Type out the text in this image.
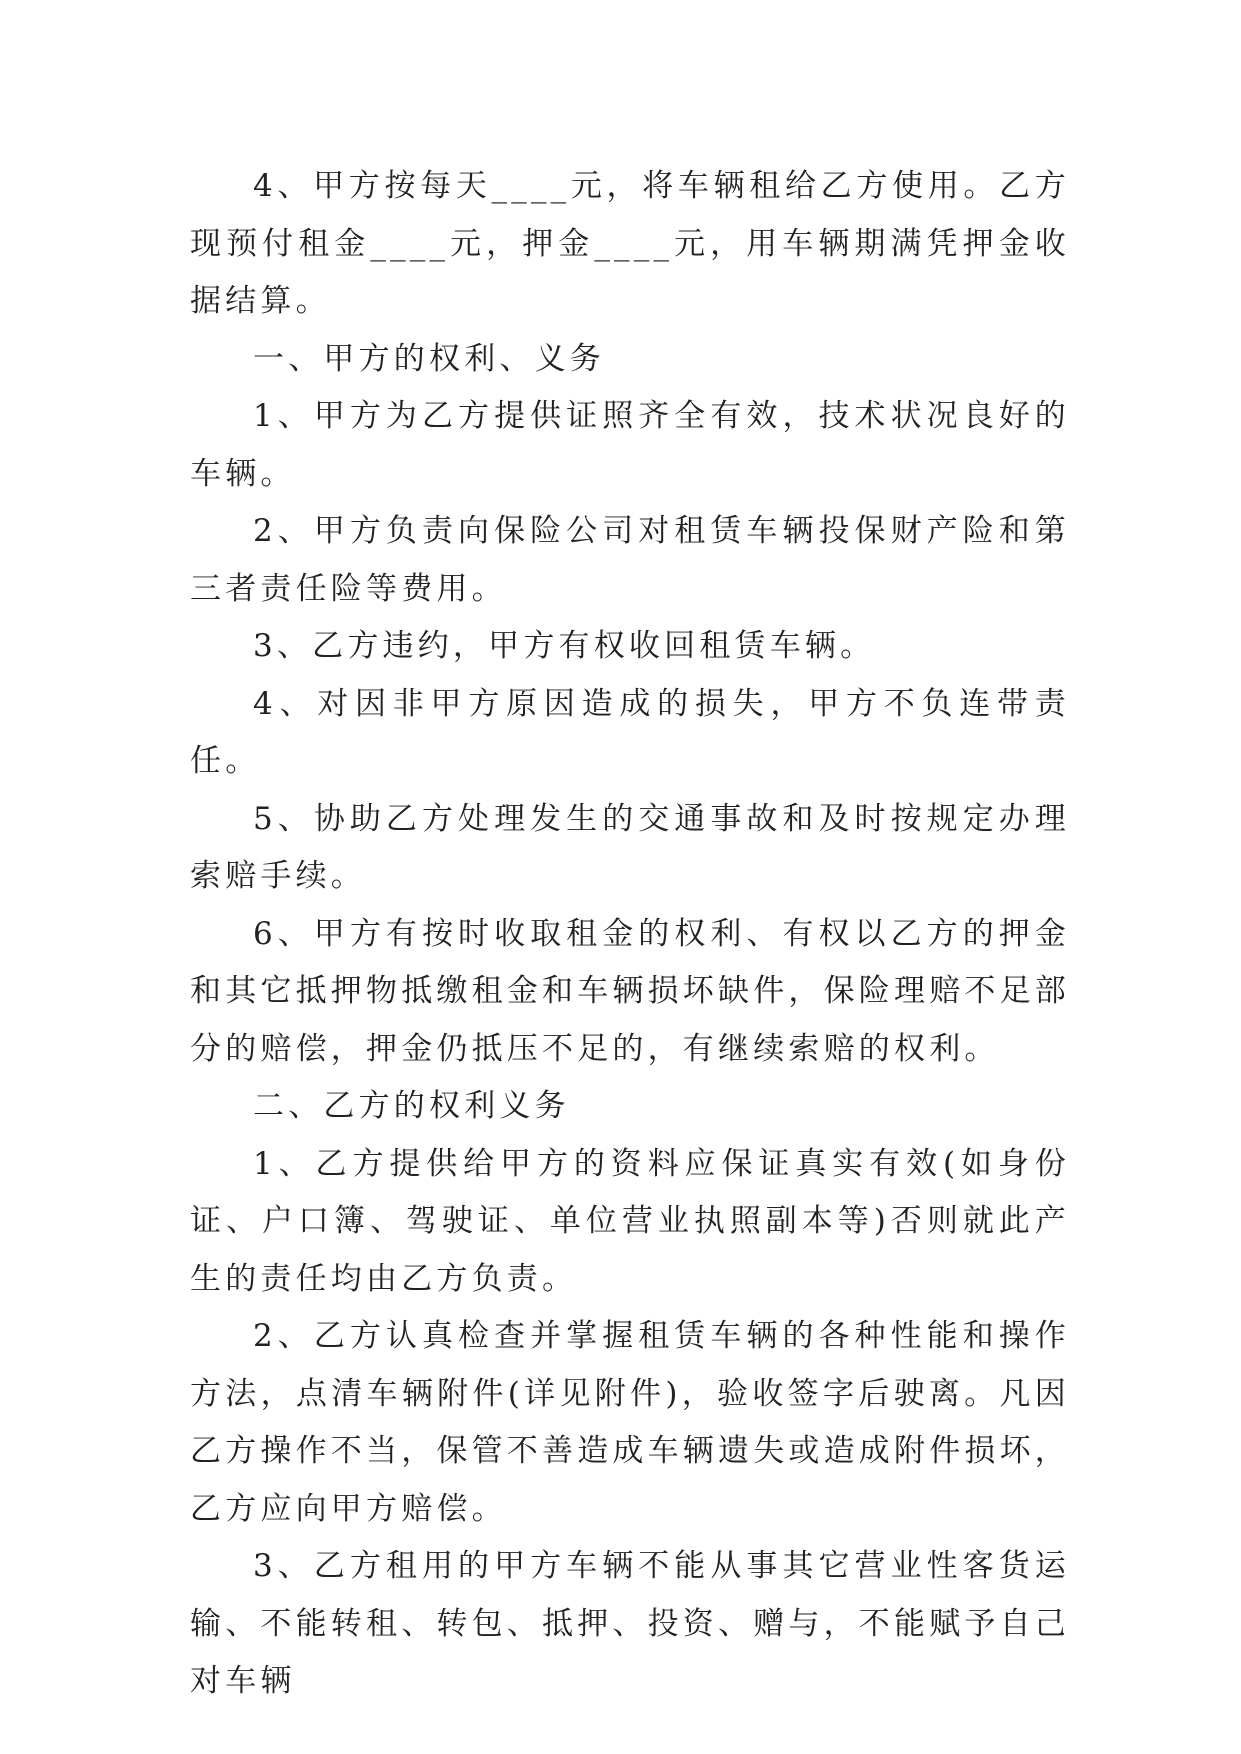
4、甲方按每天____元，将车辆租给乙方使用。乙方现预付租金____元，押金____元，用车辆期满凭押金收据结算。

一、甲方的权利、义务

1、甲方为乙方提供证照齐全有效，技术状况良好的车辆。

2、甲方负责向保险公司对租赁车辆投保财产险和第三者责任险等费用。

3、乙方违约，甲方有权收回租赁车辆。

4、对因非甲方原因造成的损失，甲方不负连带责任。

5、协助乙方处理发生的交通事故和及时按规定办理索赔手续。

6、甲方有按时收取租金的权利、有权以乙方的押金和其它抵押物抵缴租金和车辆损坏缺件，保险理赔不足部分的赔偿，押金仍抵压不足的，有继续索赔的权利。

二、乙方的权利义务

1、乙方提供给甲方的资料应保证真实有效(如身份证、户口簿、驾驶证、单位营业执照副本等)否则就此产生的责任均由乙方负责。

2、乙方认真检查并掌握租赁车辆的各种性能和操作方法，点清车辆附件(详见附件)，验收签字后驶离。凡因乙方操作不当，保管不善造成车辆遗失或造成附件损坏，乙方应向甲方赔偿。

3、乙方租用的甲方车辆不能从事其它营业性客货运输、不能转租、转包、抵押、投资、赠与，不能赋予自己对车辆
